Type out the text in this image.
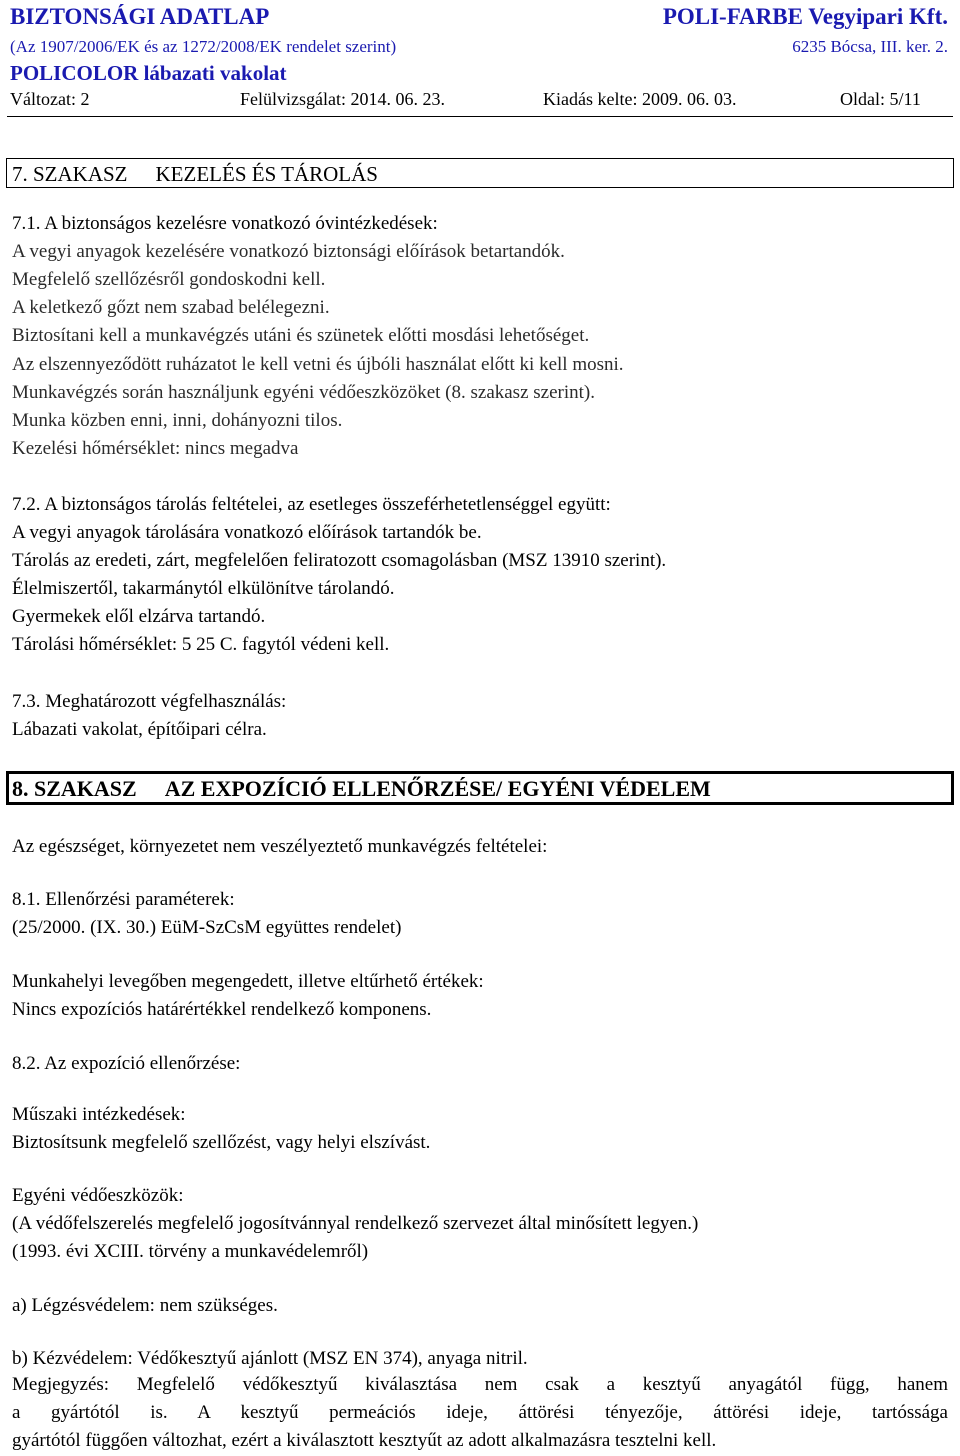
BIZTONSÁGI ADATLAP	POLI-FARBE Vegyipari Kft.
(Az 1907/2006/EK és az 1272/2008/EK rendelet szerint)	6235 Bócsa, III. ker. 2.
POLICOLOR lábazati vakolat
Változat: 2	Felülvizsgálat: 2014. 06. 23.	Kiadás kelte: 2009. 06. 03.	Oldal: 5/11
7. SZAKASZ KEZELÉS ÉS TÁROLÁS
7.1. A biztonságos kezelésre vonatkozó óvintézkedések:
A vegyi anyagok kezelésére vonatkozó biztonsági előírások betartandók.
Megfelelő szellőzésről gondoskodni kell.
A keletkező gőzt nem szabad belélegezni.
Biztosítani kell a munkavégzés utáni és szünetek előtti mosdási lehetőséget.
Az elszennyeződött ruházatot le kell vetni és újbóli használat előtt ki kell mosni.
Munkavégzés során használjunk egyéni védőeszközöket (8. szakasz szerint).
Munka közben enni, inni, dohányozni tilos.
Kezelési hőmérséklet: nincs megadva
7.2. A biztonságos tárolás feltételei, az esetleges összeférhetetlenséggel együtt:
A vegyi anyagok tárolására vonatkozó előírások tartandók be.
Tárolás az eredeti, zárt, megfelelően feliratozott csomagolásban (MSZ 13910 szerint).
Élelmiszertől, takarmánytól elkülönítve tárolandó.
Gyermekek elől elzárva tartandó.
Tárolási hőmérséklet: 5 25 C. fagytól védeni kell.
7.3. Meghatározott végfelhasználás:
Lábazati vakolat, építőipari célra.
8. SZAKASZ AZ EXPOZÍCIÓ ELLENŐRZÉSE/ EGYÉNI VÉDELEM
Az egészséget, környezetet nem veszélyeztető munkavégzés feltételei:
8.1. Ellenőrzési paraméterek:
(25/2000. (IX. 30.) EüM-SzCsM együttes rendelet)
Munkahelyi levegőben megengedett, illetve eltűrhető értékek:
Nincs expozíciós határértékkel rendelkező komponens.
8.2. Az expozíció ellenőrzése:
Műszaki intézkedések:
Biztosítsunk megfelelő szellőzést, vagy helyi elszívást.
Egyéni védőeszközök:
(A védőfelszerelés megfelelő jogosítvánnyal rendelkező szervezet által minősített legyen.)
(1993. évi XCIII. törvény a munkavédelemről)
a) Légzésvédelem: nem szükséges.
b) Kézvédelem: Védőkesztyű ajánlott (MSZ EN 374), anyaga nitril.
Megjegyzés: Megfelelő védőkesztyű kiválasztása nem csak a kesztyű anyagától függ, hanem
a gyártótól is. A kesztyű permeációs ideje, áttörési tényezője, áttörési ideje, tartóssága
gyártótól függően változhat, ezért a kiválasztott kesztyűt az adott alkalmazásra tesztelni kell.
